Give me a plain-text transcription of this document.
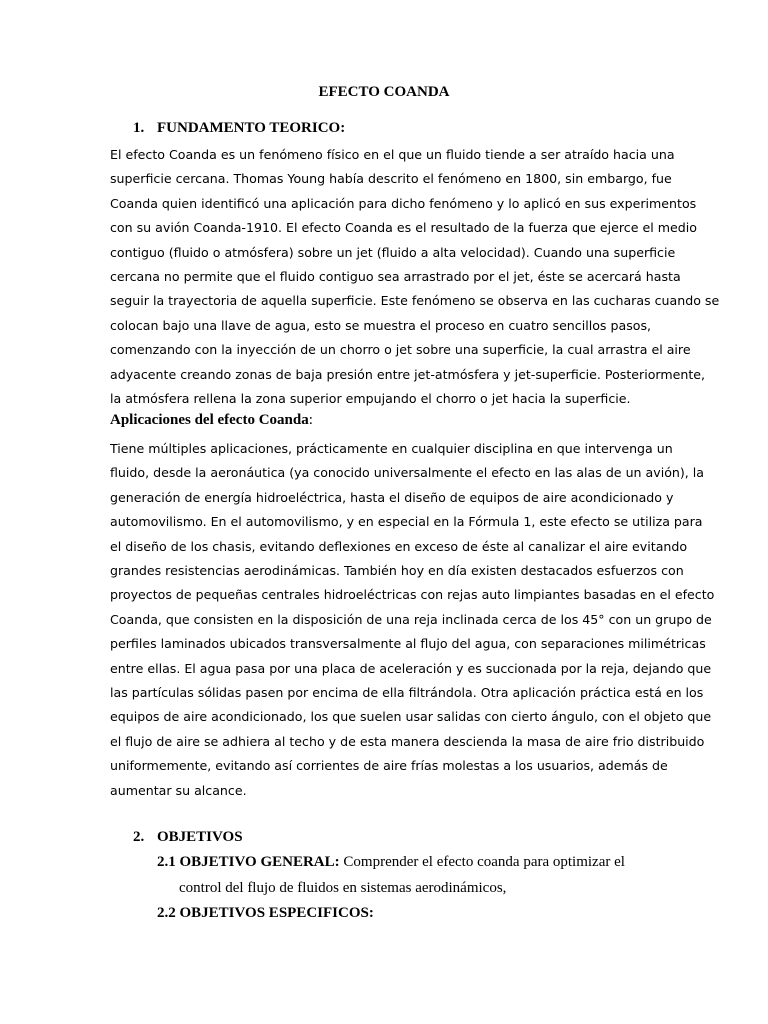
EFECTO COANDA
1. FUNDAMENTO TEORICO:
El efecto Coanda es un fenómeno físico en el que un fluido tiende a ser atraído hacia una
superficie cercana. Thomas Young había descrito el fenómeno en 1800, sin embargo, fue
Coanda quien identificó una aplicación para dicho fenómeno y lo aplicó en sus experimentos
con su avión Coanda-1910. El efecto Coanda es el resultado de la fuerza que ejerce el medio
contiguo (fluido o atmósfera) sobre un jet (fluido a alta velocidad). Cuando una superficie
cercana no permite que el fluido contiguo sea arrastrado por el jet, éste se acercará hasta
seguir la trayectoria de aquella superficie. Este fenómeno se observa en las cucharas cuando se
colocan bajo una llave de agua, esto se muestra el proceso en cuatro sencillos pasos,
comenzando con la inyección de un chorro o jet sobre una superficie, la cual arrastra el aire
adyacente creando zonas de baja presión entre jet-atmósfera y jet-superficie. Posteriormente,
la atmósfera rellena la zona superior empujando el chorro o jet hacia la superficie.
Aplicaciones del efecto Coanda:
Tiene múltiples aplicaciones, prácticamente en cualquier disciplina en que intervenga un
fluido, desde la aeronáutica (ya conocido universalmente el efecto en las alas de un avión), la
generación de energía hidroeléctrica, hasta el diseño de equipos de aire acondicionado y
automovilismo. En el automovilismo, y en especial en la Fórmula 1, este efecto se utiliza para
el diseño de los chasis, evitando deflexiones en exceso de éste al canalizar el aire evitando
grandes resistencias aerodinámicas. También hoy en día existen destacados esfuerzos con
proyectos de pequeñas centrales hidroeléctricas con rejas auto limpiantes basadas en el efecto
Coanda, que consisten en la disposición de una reja inclinada cerca de los 45° con un grupo de
perfiles laminados ubicados transversalmente al flujo del agua, con separaciones milimétricas
entre ellas. El agua pasa por una placa de aceleración y es succionada por la reja, dejando que
las partículas sólidas pasen por encima de ella filtrándola. Otra aplicación práctica está en los
equipos de aire acondicionado, los que suelen usar salidas con cierto ángulo, con el objeto que
el flujo de aire se adhiera al techo y de esta manera descienda la masa de aire frio distribuido
uniformemente, evitando así corrientes de aire frías molestas a los usuarios, además de
aumentar su alcance.
2. OBJETIVOS
2.1 OBJETIVO GENERAL: Comprender el efecto coanda para optimizar el
control del flujo de fluidos en sistemas aerodinámicos,
2.2 OBJETIVOS ESPECIFICOS:
